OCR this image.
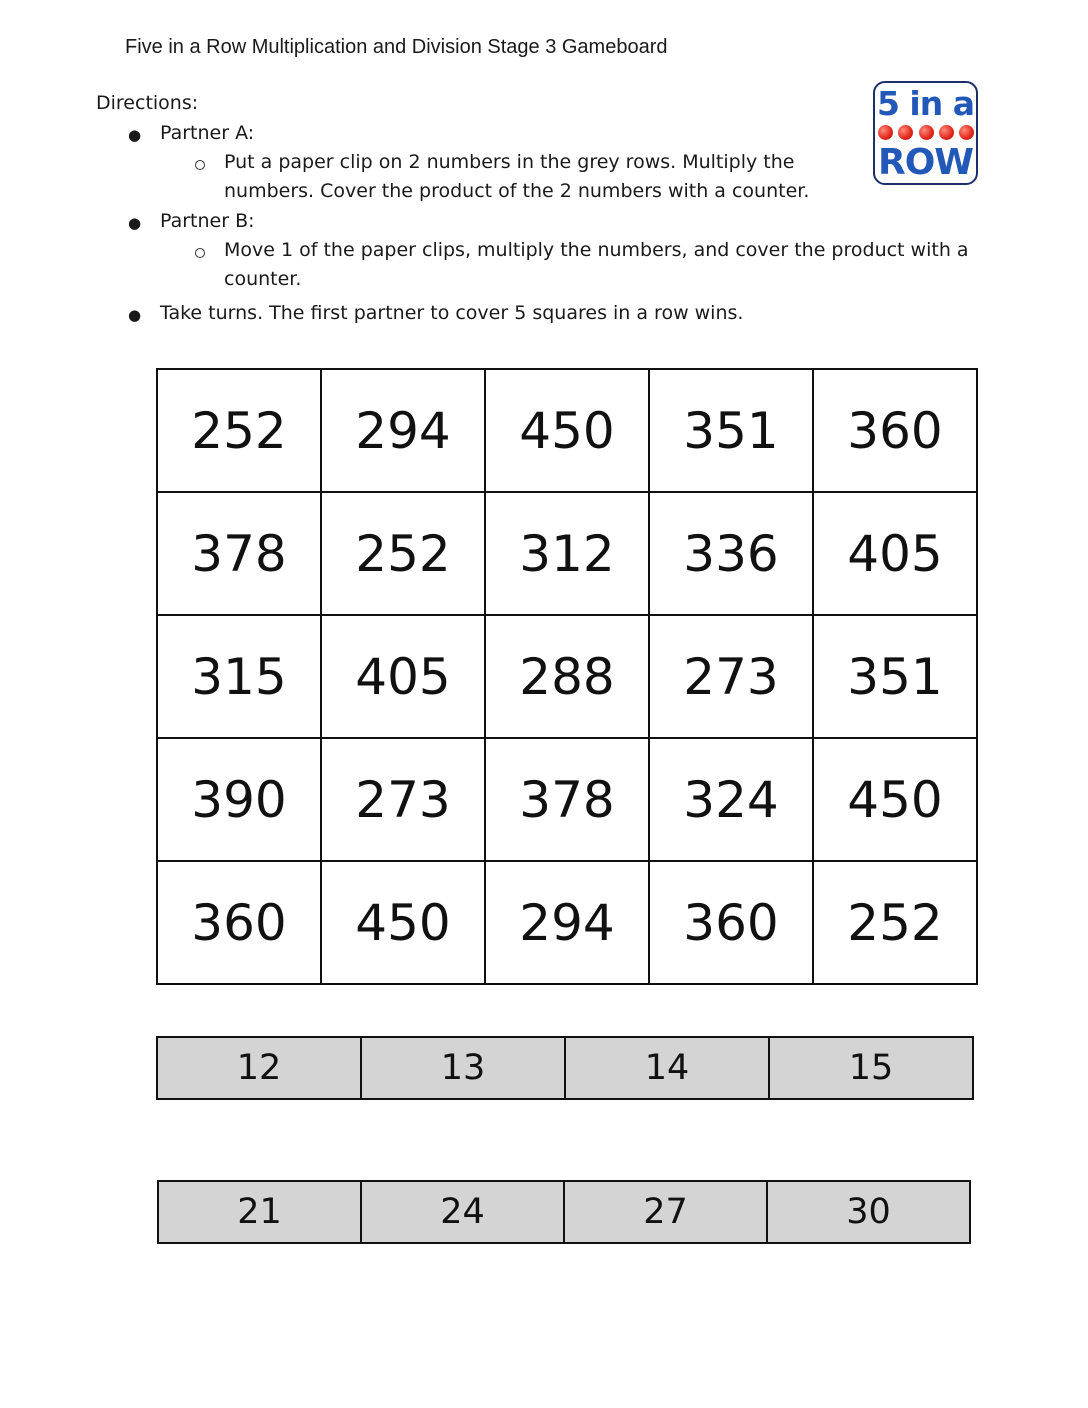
Five in a Row Multiplication and Division Stage 3 Gameboard
Directions:
● Partner A:
Put a paper clip on 2 numbers in the grey rows. Multiply the
numbers. Cover the product of the 2 numbers with a counter.
● Partner B:
Move 1 of the paper clips, multiply the numbers, and cover the product with a
counter.
● Take turns. The first partner to cover 5 squares in a row wins.
5 in a
ROW
252	294	450	351	360
378	252	312	336	405
315	405	288	273	351
390	273	378	324	450
360	450	294	360	252
12	13	14	15
21	24	27	30
